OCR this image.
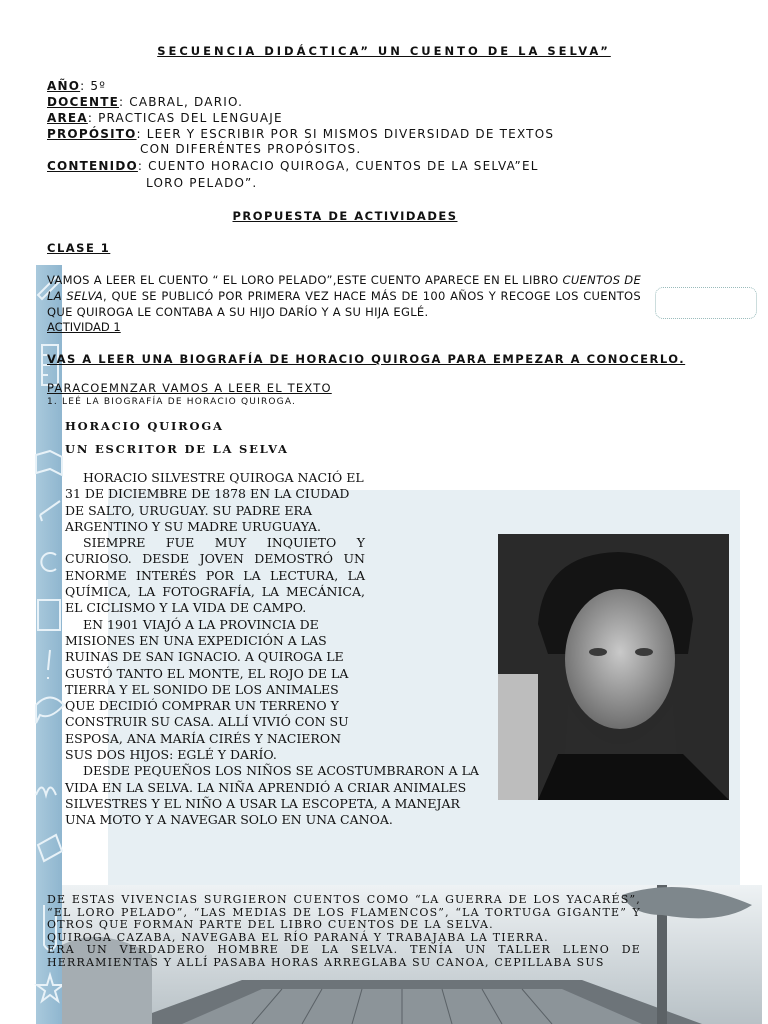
SECUENCIA DIDÁCTICA” UN CUENTO DE LA SELVA”
AÑO: 5º
DOCENTE: CABRAL, DARIO.
AREA: PRACTICAS DEL LENGUAJE
PROPÓSITO: LEER Y ESCRIBIR POR SI MISMOS DIVERSIDAD DE TEXTOS
CON DIFERÉNTES PROPÓSITOS.
CONTENIDO: CUENTO HORACIO QUIROGA, CUENTOS DE LA SELVA”EL
LORO PELADO”.
PROPUESTA DE ACTIVIDADES
CLASE 1
VAMOS A LEER EL CUENTO “ EL LORO PELADO”,ESTE CUENTO APARECE EN EL LIBRO CUENTOS DE LA SELVA, QUE SE PUBLICÓ POR PRIMERA VEZ HACE MÁS DE 100 AÑOS Y RECOGE LOS CUENTOS QUE QUIROGA LE CONTABA A SU HIJO DARÍO Y A SU HIJA EGLÉ.
ACTIVIDAD 1
VAS A LEER UNA BIOGRAFÍA DE HORACIO QUIROGA PARA EMPEZAR A CONOCERLO.
PARACOEMNZAR VAMOS A LEER EL TEXTO
1. LEÉ LA BIOGRAFÍA DE HORACIO QUIROGA.
HORACIO QUIROGA
UN ESCRITOR DE LA SELVA

HORACIO SILVESTRE QUIROGA NACIÓ EL 31 DE DICIEMBRE DE 1878 EN LA CIUDAD DE SALTO, URUGUAY. SU PADRE ERA ARGENTINO Y SU MADRE URUGUAYA.

SIEMPRE FUE MUY INQUIETO Y CURIOSO. DESDE JOVEN DEMOSTRÓ UN ENORME INTERÉS POR LA LECTURA, LA QUÍMICA, LA FOTOGRAFÍA, LA MECÁNICA, EL CICLISMO Y LA VIDA DE CAMPO.

EN 1901 VIAJÓ A LA PROVINCIA DE MISIONES EN UNA EXPEDICIÓN A LAS RUINAS DE SAN IGNACIO. A QUIROGA LE GUSTÓ TANTO EL MONTE, EL ROJO DE LA TIERRA Y EL SONIDO DE LOS ANIMALES QUE DECIDIÓ COMPRAR UN TERRENO Y CONSTRUIR SU CASA. ALLÍ VIVIÓ CON SU ESPOSA, ANA MARÍA CIRÉS Y NACIERON SUS DOS HIJOS: EGLÉ Y DARÍO.

DESDE PEQUEÑOS LOS NIÑOS SE ACOSTUMBRARON A LA VIDA EN LA SELVA. LA NIÑA APRENDIÓ A CRIAR ANIMALES SILVESTRES Y EL NIÑO A USAR LA ESCOPETA, A MANEJAR UNA MOTO Y A NAVEGAR SOLO EN UNA CANOA.

DE ESTAS VIVENCIAS SURGIERON CUENTOS COMO “LA GUERRA DE LOS YACARÉS”, “EL LORO PELADO”, “LAS MEDIAS DE LOS FLAMENCOS”, “LA TORTUGA GIGANTE” Y OTROS QUE FORMAN PARTE DEL LIBRO CUENTOS DE LA SELVA.

QUIROGA CAZABA, NAVEGABA EL RÍO PARANÁ Y TRABAJABA LA TIERRA.

ERA UN VERDADERO HOMBRE DE LA SELVA. TENÍA UN TALLER LLENO DE HERRAMIENTAS Y ALLÍ PASABA HORAS ARREGLABA SU CANOA, CEPILLABA SUS
